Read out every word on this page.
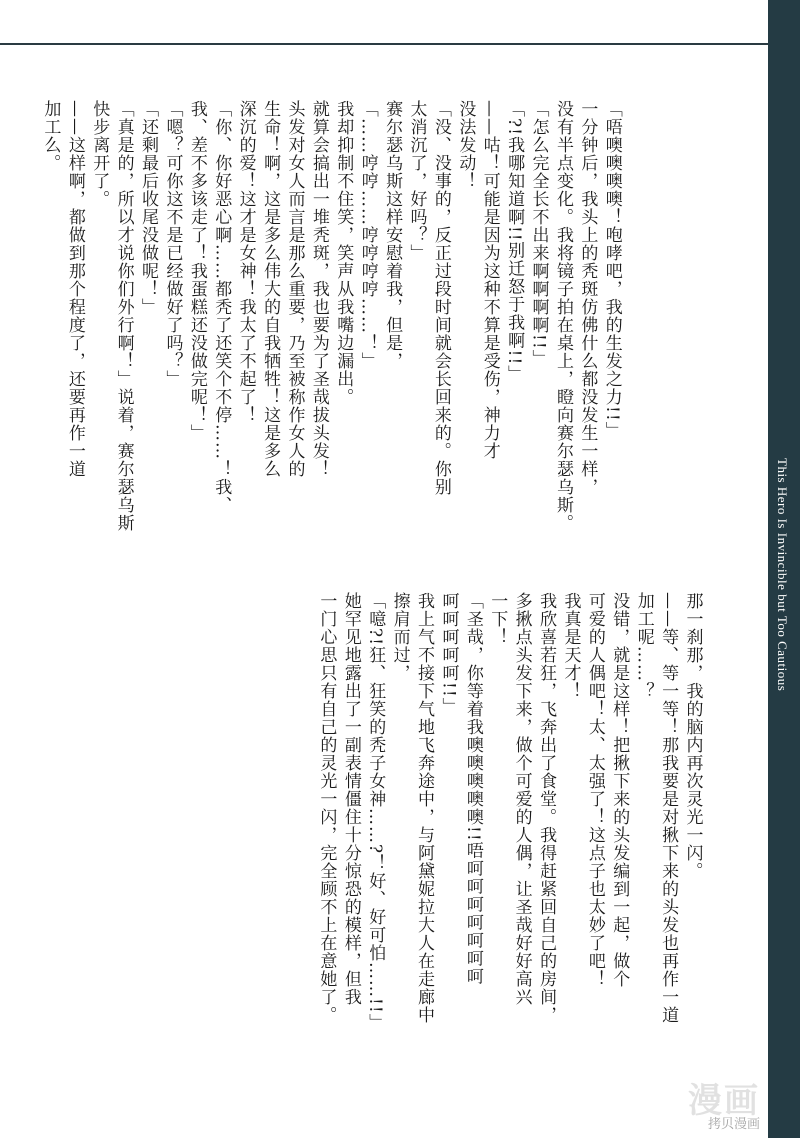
This Hero Is Invincible but Too Cautious
「唔噢噢噢噢！咆哮吧，我的生发之力!!」
一分钟后，我头上的秃斑仿佛什么都没发生一样，
没有半点变化。我将镜子拍在桌上，瞪向赛尔瑟乌斯。
「怎么完全长不出来啊啊啊啊!!」
「?!我哪知道啊!!别迁怒于我啊!!」
——咕！可能是因为这种不算是受伤，神力才
没法发动！
「没、没事的，反正过段时间就会长回来的。你别
太消沉了，好吗？」
赛尔瑟乌斯这样安慰着我，但是，
「……哼哼……哼哼哼哼……！」
我却抑制不住笑，笑声从我嘴边漏出。
就算会搞出一堆秃斑，我也要为了圣哉拔头发！
头发对女人而言是那么重要，乃至被称作女人的
生命！啊，这是多么伟大的自我牺牲！这是多么
深沉的爱！这才是女神！我太了不起了！
「你、你好恶心啊……都秃了还笑个不停……！我、
我、差不多该走了！我蛋糕还没做完呢！」
「嗯？可你这不是已经做好了吗？」
「还剩最后收尾没做呢！」
「真是的，所以才说你们外行啊！」说着，赛尔瑟乌斯
快步离开了。
——这样啊，都做到那个程度了，还要再作一道
加工么。
那一刹那，我的脑内再次灵光一闪。
——等、等一等！那我要是对揪下来的头发也再作一道
加工呢……？
没错，就是这样！把揪下来的头发编到一起，做个
可爱的人偶吧！太、太强了！这点子也太妙了吧！
我真是天才！
我欣喜若狂，飞奔出了食堂。我得赶紧回自己的房间，
多揪点头发下来，做个可爱的人偶，让圣哉好好高兴
一下！
「圣哉，你等着我噢噢噢噢噢!!唔呵呵呵呵呵呵呵
呵呵呵呵呵!!」
我上气不接下气地飞奔途中，与阿黛妮拉大人在走廊中
擦肩而过，
「噫?!狂、狂笑的秃子女神……?！好、好可怕……!!」
她罕见地露出了一副表情僵住十分惊恐的模样，但我
一门心思只有自己的灵光一闪，完全顾不上在意她了。
漫画
拷贝漫画
